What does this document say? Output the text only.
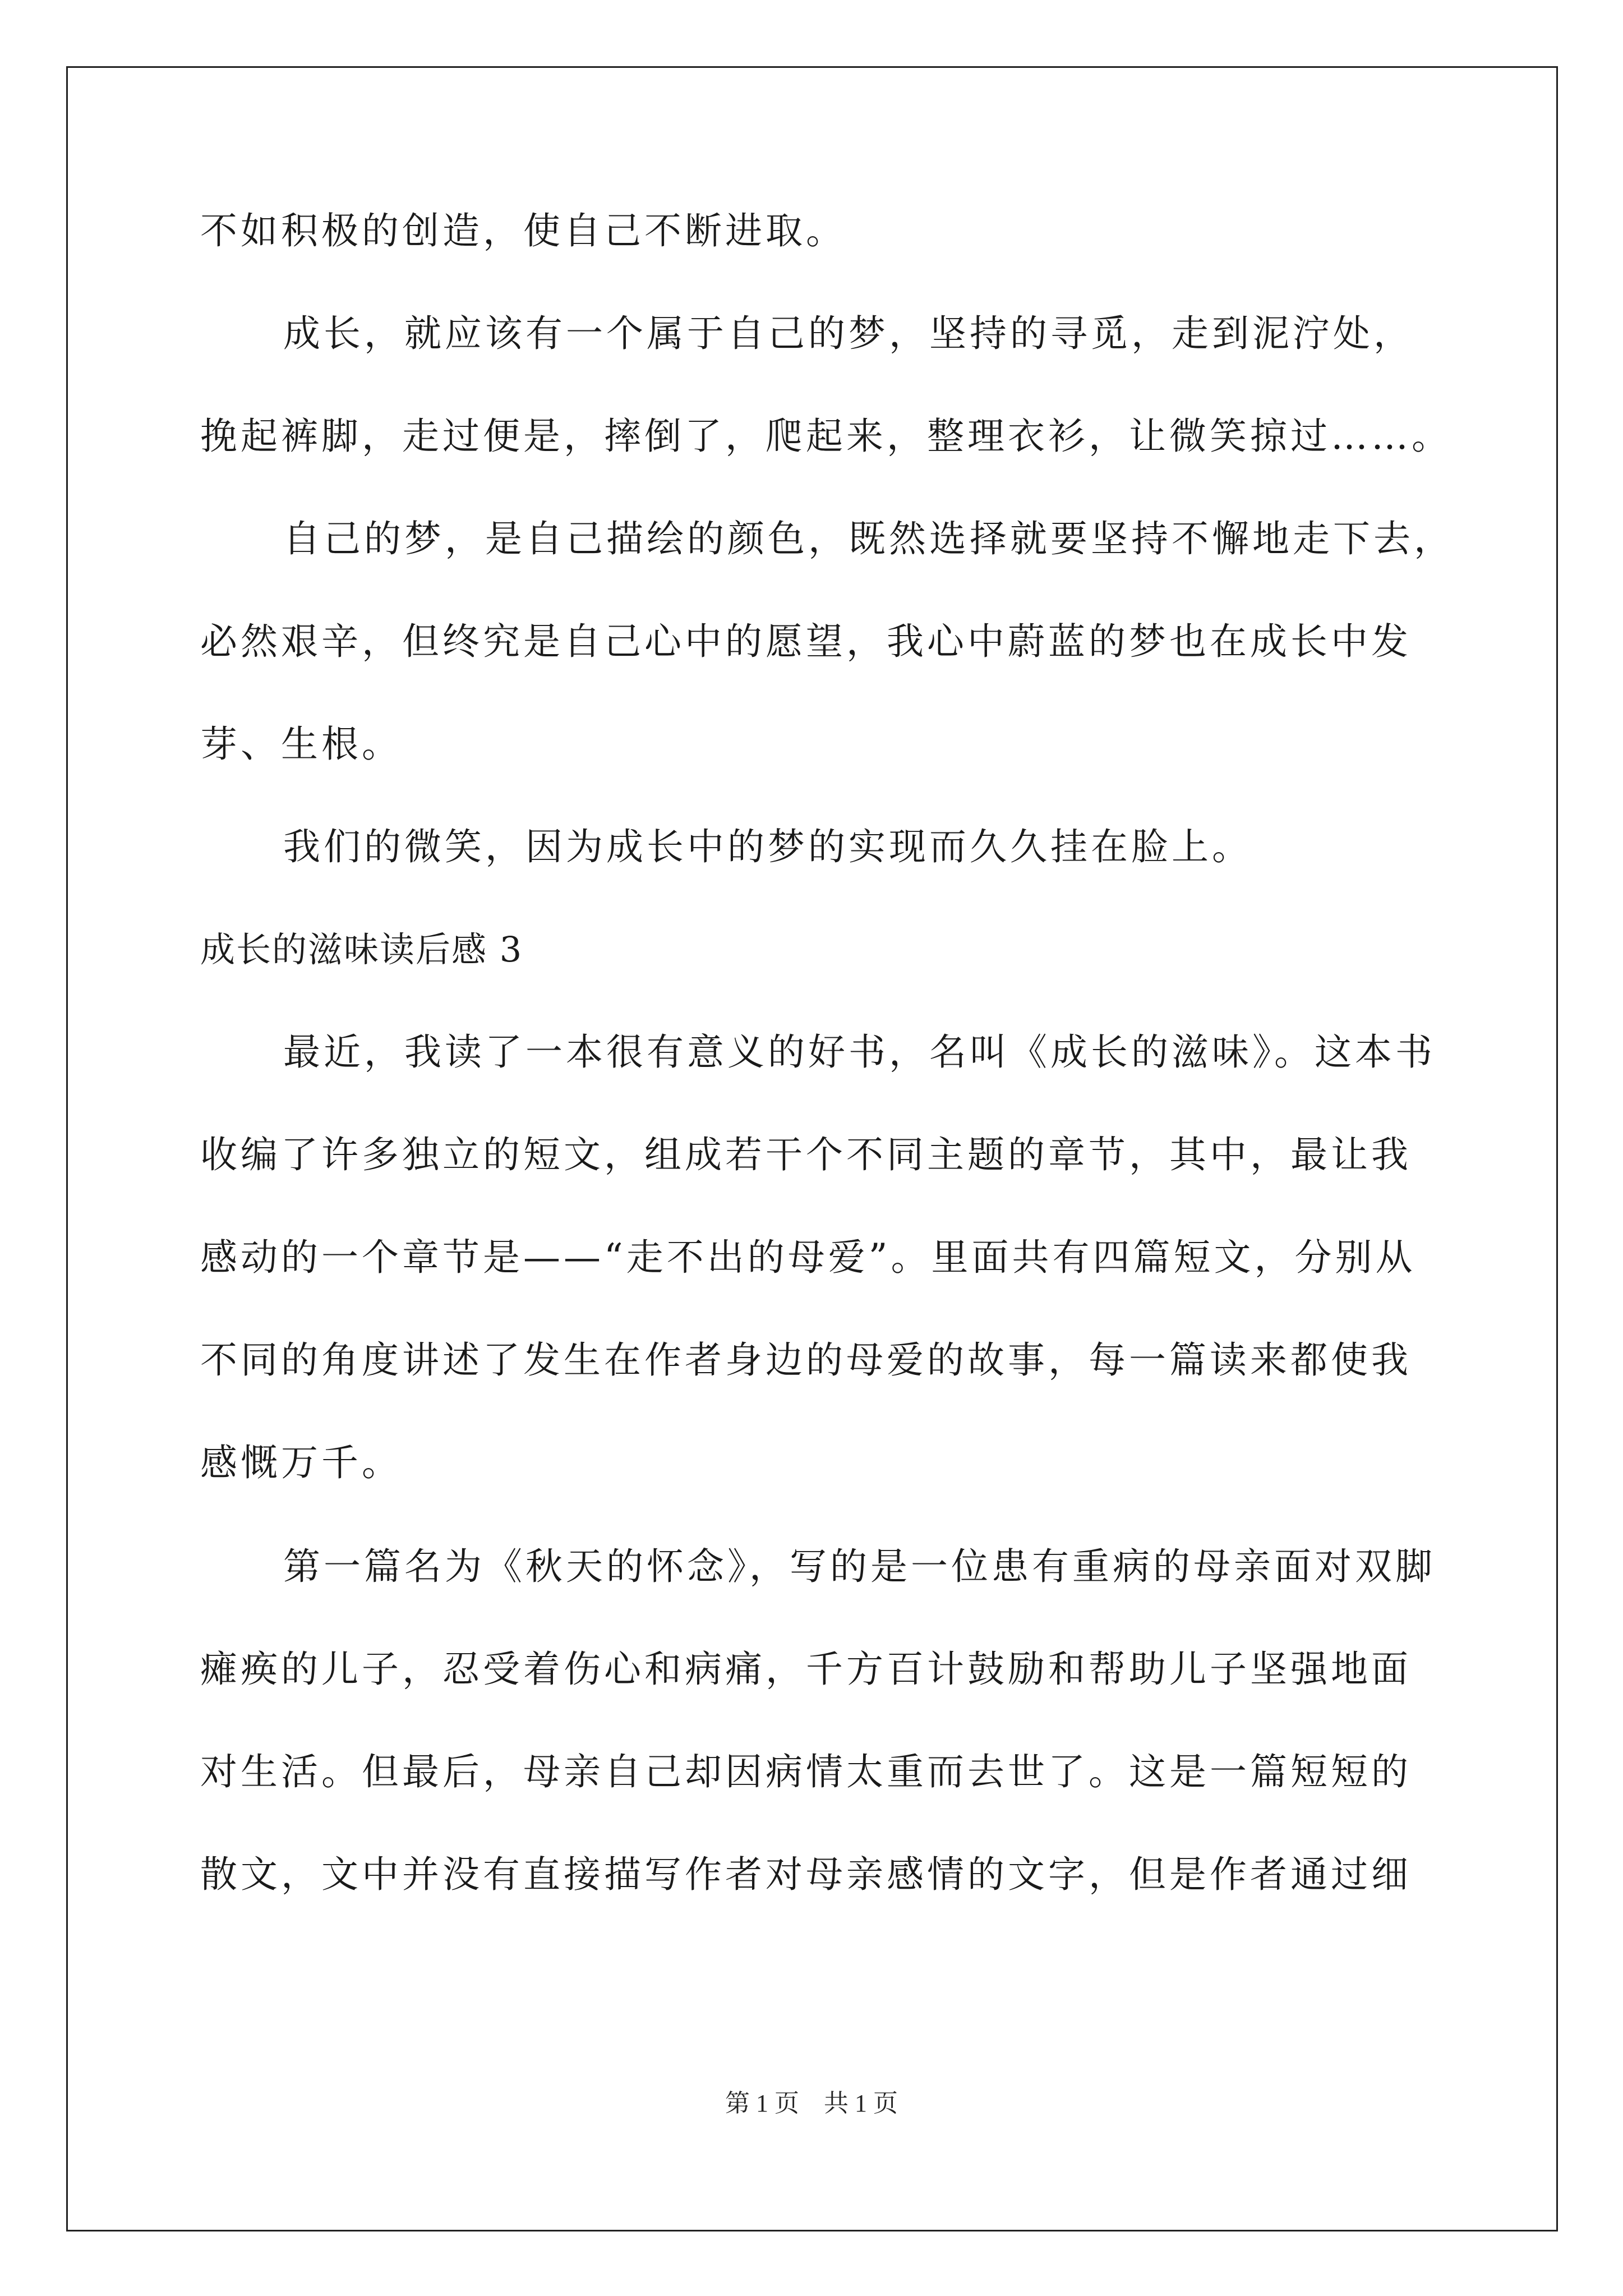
不如积极的创造，使自己不断进取。
成长，就应该有一个属于自己的梦，坚持的寻觅，走到泥泞处，
挽起裤脚，走过便是，摔倒了，爬起来，整理衣衫，让微笑掠过……。
自己的梦，是自己描绘的颜色，既然选择就要坚持不懈地走下去，
必然艰辛，但终究是自己心中的愿望，我心中蔚蓝的梦也在成长中发
芽、生根。
我们的微笑，因为成长中的梦的实现而久久挂在脸上。
成长的滋味读后感 3
最近，我读了一本很有意义的好书，名叫《成长的滋味》。这本书
收编了许多独立的短文，组成若干个不同主题的章节，其中，最让我
感动的一个章节是——“走不出的母爱”。里面共有四篇短文，分别从
不同的角度讲述了发生在作者身边的母爱的故事，每一篇读来都使我
感慨万千。
第一篇名为《秋天的怀念》，写的是一位患有重病的母亲面对双脚
瘫痪的儿子，忍受着伤心和病痛，千方百计鼓励和帮助儿子坚强地面
对生活。但最后，母亲自己却因病情太重而去世了。这是一篇短短的
散文，文中并没有直接描写作者对母亲感情的文字，但是作者通过细
第 1 页　共 1 页
